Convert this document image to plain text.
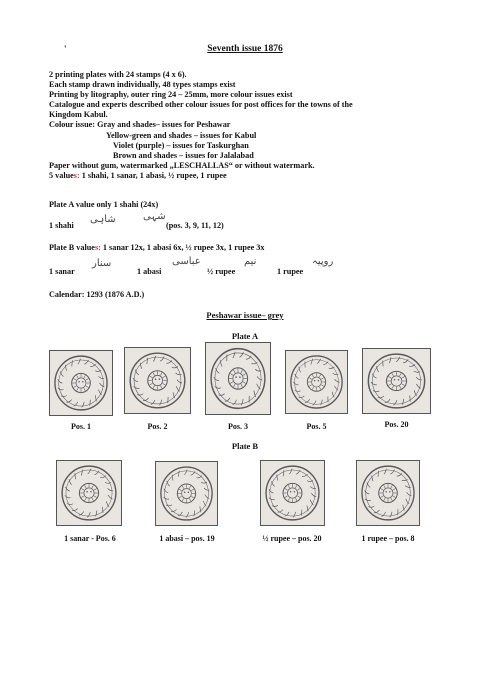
'	Seventh issue 1876
2 printing plates with 24 stamps (4 x 6).
Each stamp drawn individually, 48 types stamps exist
Printing by litography, outer ring 24 – 25mm, more colour issues exist
Catalogue and experts described other colour issues for post offices for the towns of the
Kingdom Kabul.
Colour issue: Gray and shades– issues for Peshawar
Yellow-green and shades – issues for Kabul
Violet (purple) – issues for Taskurghan
Brown and shades – issues for Jalalabad
Paper without gum, watermarked „LESCHALLAS“ or without watermark.
5 values: 1 shahi, 1 sanar, 1 abasi, ½ rupee, 1 rupee
Plate A value only 1 shahi (24x)
1 shahi
شاہی	شہی
(pos. 3, 9, 11, 12)
Plate B values: 1 sanar 12x, 1 abasi 6x, ½ rupee 3x, 1 rupee 3x
1 sanar
سنار
1 abasi
عباسی
½ rupee
نیم
1 rupee
روپیہ
Calendar: 1293 (1876 A.D.)
Peshawar issue– grey
Plate A
Pos. 1	Pos. 2	Pos. 3	Pos. 5	Pos. 20
Plate B
1 sanar - Pos. 6	1 abasi – pos. 19	½ rupee – pos. 20	1 rupee – pos. 8
